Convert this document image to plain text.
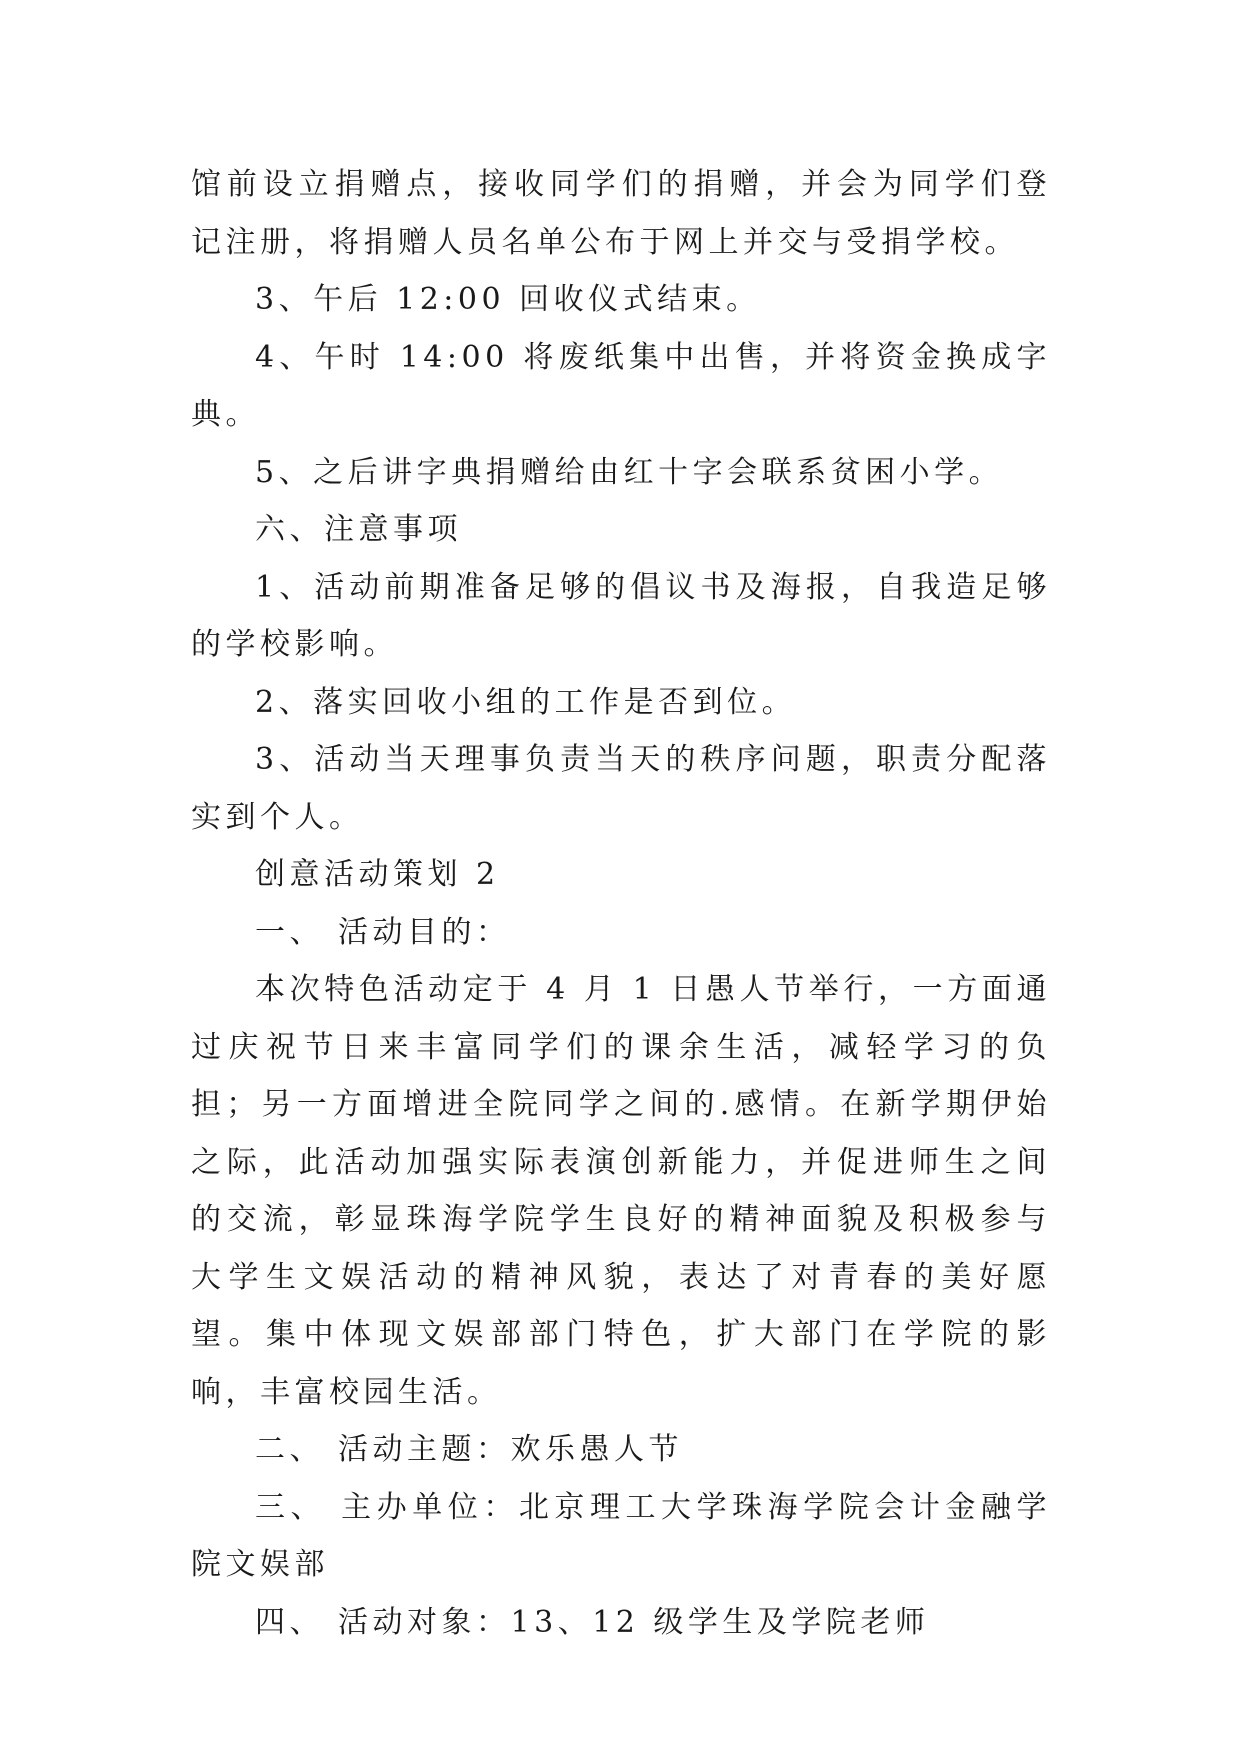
馆前设立捐赠点，接收同学们的捐赠，并会为同学们登记注册，将捐赠人员名单公布于网上并交与受捐学校。

3、午后 12:00 回收仪式结束。

4、午时 14:00 将废纸集中出售，并将资金换成字典。

5、之后讲字典捐赠给由红十字会联系贫困小学。

六、注意事项

1、活动前期准备足够的倡议书及海报，自我造足够的学校影响。

2、落实回收小组的工作是否到位。

3、活动当天理事负责当天的秩序问题，职责分配落实到个人。

创意活动策划 2

一、 活动目的：

本次特色活动定于 4 月 1 日愚人节举行，一方面通过庆祝节日来丰富同学们的课余生活，减轻学习的负担；另一方面增进全院同学之间的.感情。在新学期伊始之际，此活动加强实际表演创新能力，并促进师生之间的交流，彰显珠海学院学生良好的精神面貌及积极参与大学生文娱活动的精神风貌，表达了对青春的美好愿望。集中体现文娱部部门特色，扩大部门在学院的影响，丰富校园生活。

二、 活动主题：欢乐愚人节

三、 主办单位：北京理工大学珠海学院会计金融学院文娱部

四、 活动对象：13、12 级学生及学院老师
